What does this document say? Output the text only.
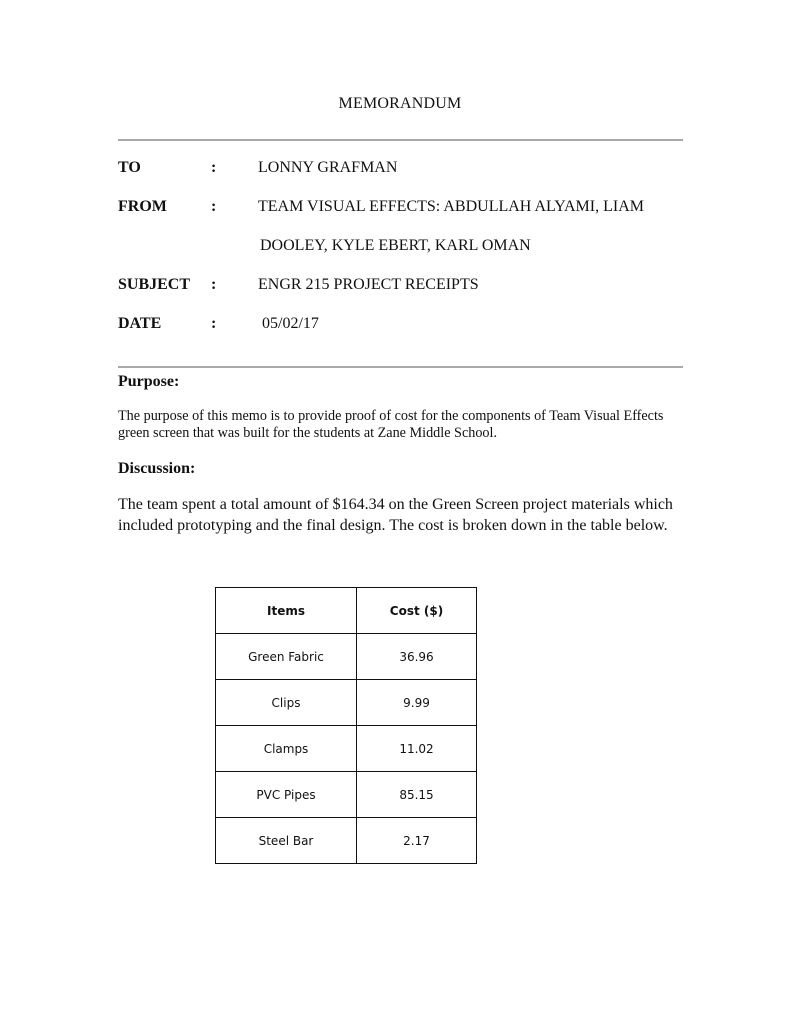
MEMORANDUM
TO	:	LONNY GRAFMAN
FROM	:	TEAM VISUAL EFFECTS: ABDULLAH ALYAMI, LIAM
DOOLEY, KYLE EBERT, KARL OMAN
SUBJECT :	ENGR 215 PROJECT RECEIPTS
DATE	:	05/02/17
Purpose:
The purpose of this memo is to provide proof of cost for the components of Team Visual Effects green screen that was built for the students at Zane Middle School.
Discussion:
The team spent a total amount of $164.34 on the Green Screen project materials which included prototyping and the final design. The cost is broken down in the table below.
Items	Cost ($)
Green Fabric	36.96
Clips	9.99
Clamps	11.02
PVC Pipes	85.15
Steel Bar	2.17
